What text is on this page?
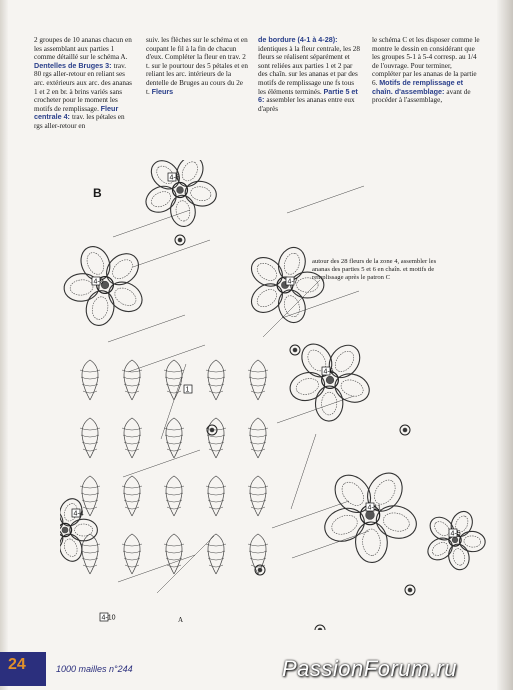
2 groupes de 10 ananas chacun en les assemblant aux parties 1 comme détaillé sur le schéma A. Dentelles de Bruges 3: trav. 80 rgs aller-retour en reliant ses arc. extérieurs aux arc. des ananas 1 et 2 en br. à brins variés sans crocheter pour le moment les motifs de remplissage. Fleur centrale 4: trav. les pétales en rgs aller-retour en
suiv. les flèches sur le schéma et en coupant le fil à la fin de chacun d'eux. Compléter la fleur en trav. 2 t. sur le pourtour des 5 pétales et en reliant les arc. intérieurs de la dentelle de Bruges au cours du 2e t. Fleurs
de bordure (4-1 à 4-28): identiques à la fleur centrale, les 28 fleurs se réalisent séparément et sont reliées aux parties 1 et 2 par des chaîn. sur les ananas et par des motifs de remplissage une fs tous les éléments terminés. Partie 5 et 6: assembler les ananas entre eux d'après
le schéma C et les disposer comme le montre le dessin en considérant que les groupes 5-1 à 5-4 corresp. au 1/4 de l'ouvrage. Pour terminer, compléter par les ananas de la partie 6. Motifs de remplissage et chaîn. d'assemblage: avant de procéder à l'assemblage,
4-8
4-9	4-7
4-6
4-11
4-5
4-4
4-10
1
B
A
autour des 28 fleurs de la zone 4, assembler les ananas des parties 5 et 6 en chaîn. et motifs de remplissage après le patron C
24	1000 mailles n°244	PassionForum.ru
